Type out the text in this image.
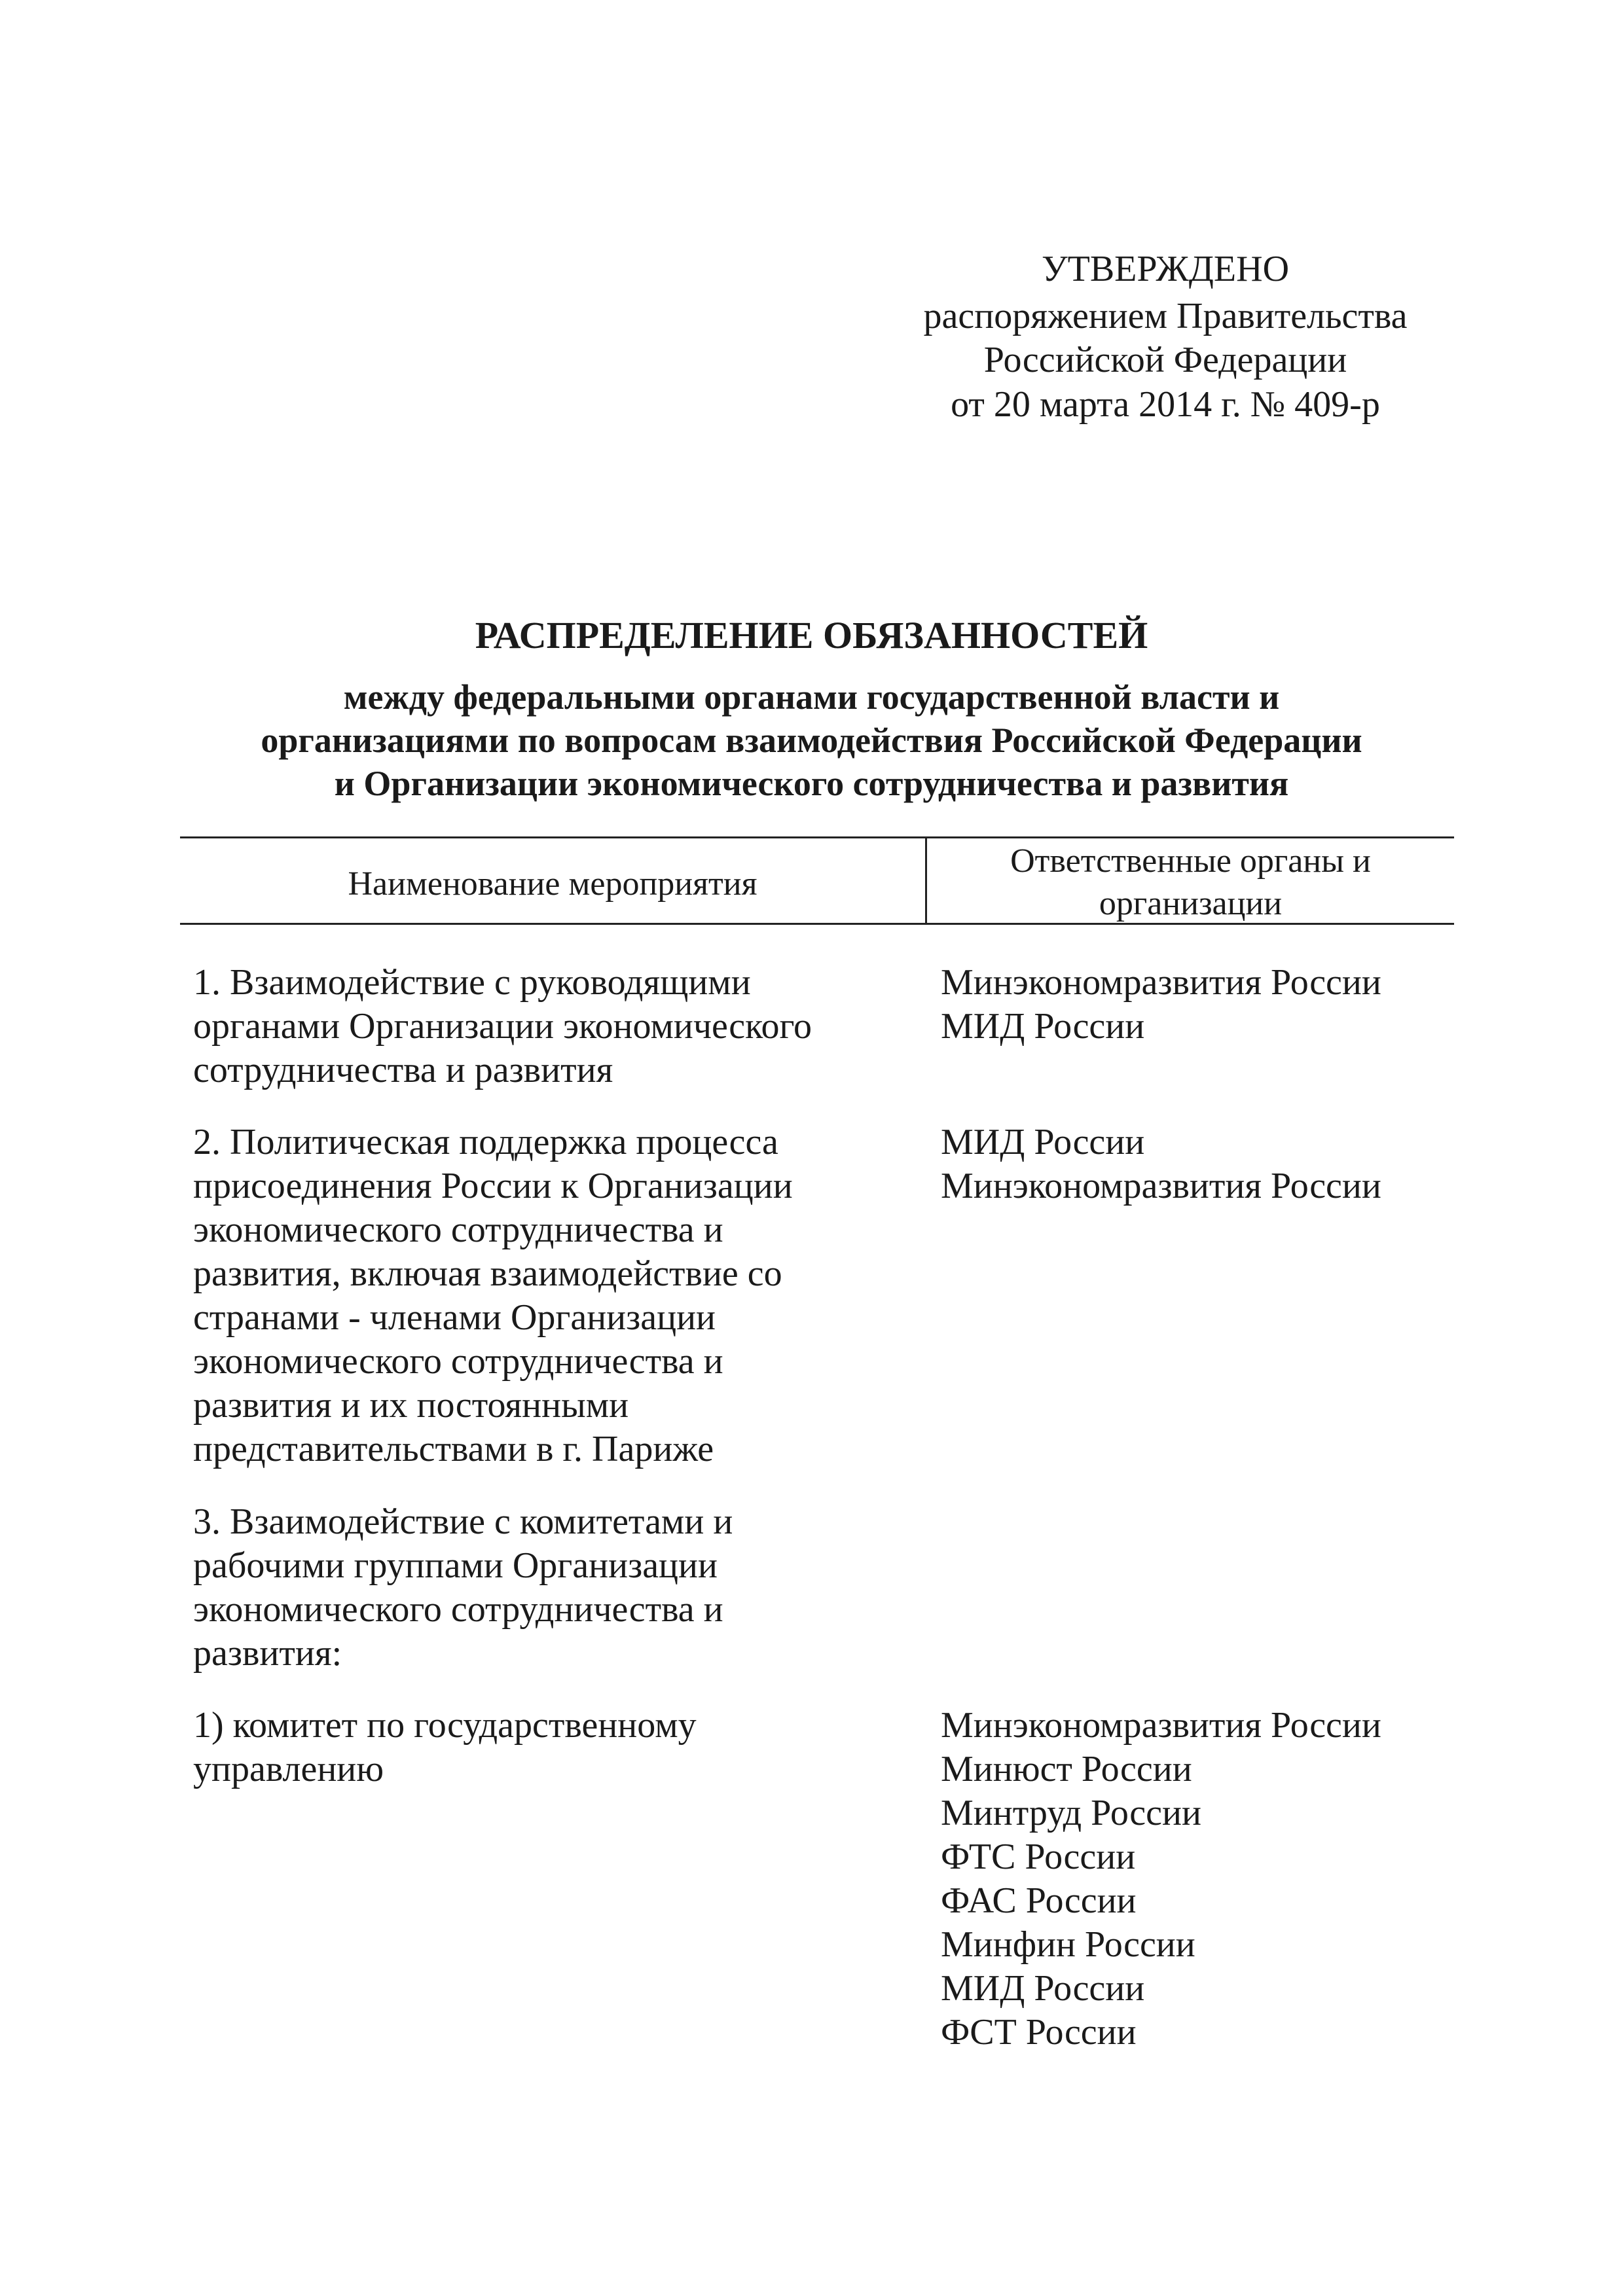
УТВЕРЖДЕНО
распоряжением Правительства
Российской Федерации
от 20 марта 2014 г. № 409-р
РАСПРЕДЕЛЕНИЕ ОБЯЗАННОСТЕЙ
между федеральными органами государственной власти и
организациями по вопросам взаимодействия Российской Федерации
и Организации экономического сотрудничества и развития
Наименование мероприятия
Ответственные органы и
организации
1. Взаимодействие с руководящими
органами Организации экономического
сотрудничества и развития
Минэкономразвития России
МИД России
2. Политическая поддержка процесса
присоединения России к Организации
экономического сотрудничества и
развития, включая взаимодействие со
странами - членами Организации
экономического сотрудничества и
развития и их постоянными
представительствами в г. Париже
МИД России
Минэкономразвития России
3. Взаимодействие с комитетами и
рабочими группами Организации
экономического сотрудничества и
развития:
1) комитет по государственному
управлению
Минэкономразвития России
Минюст России
Минтруд России
ФТС России
ФАС России
Минфин России
МИД России
ФСТ России
